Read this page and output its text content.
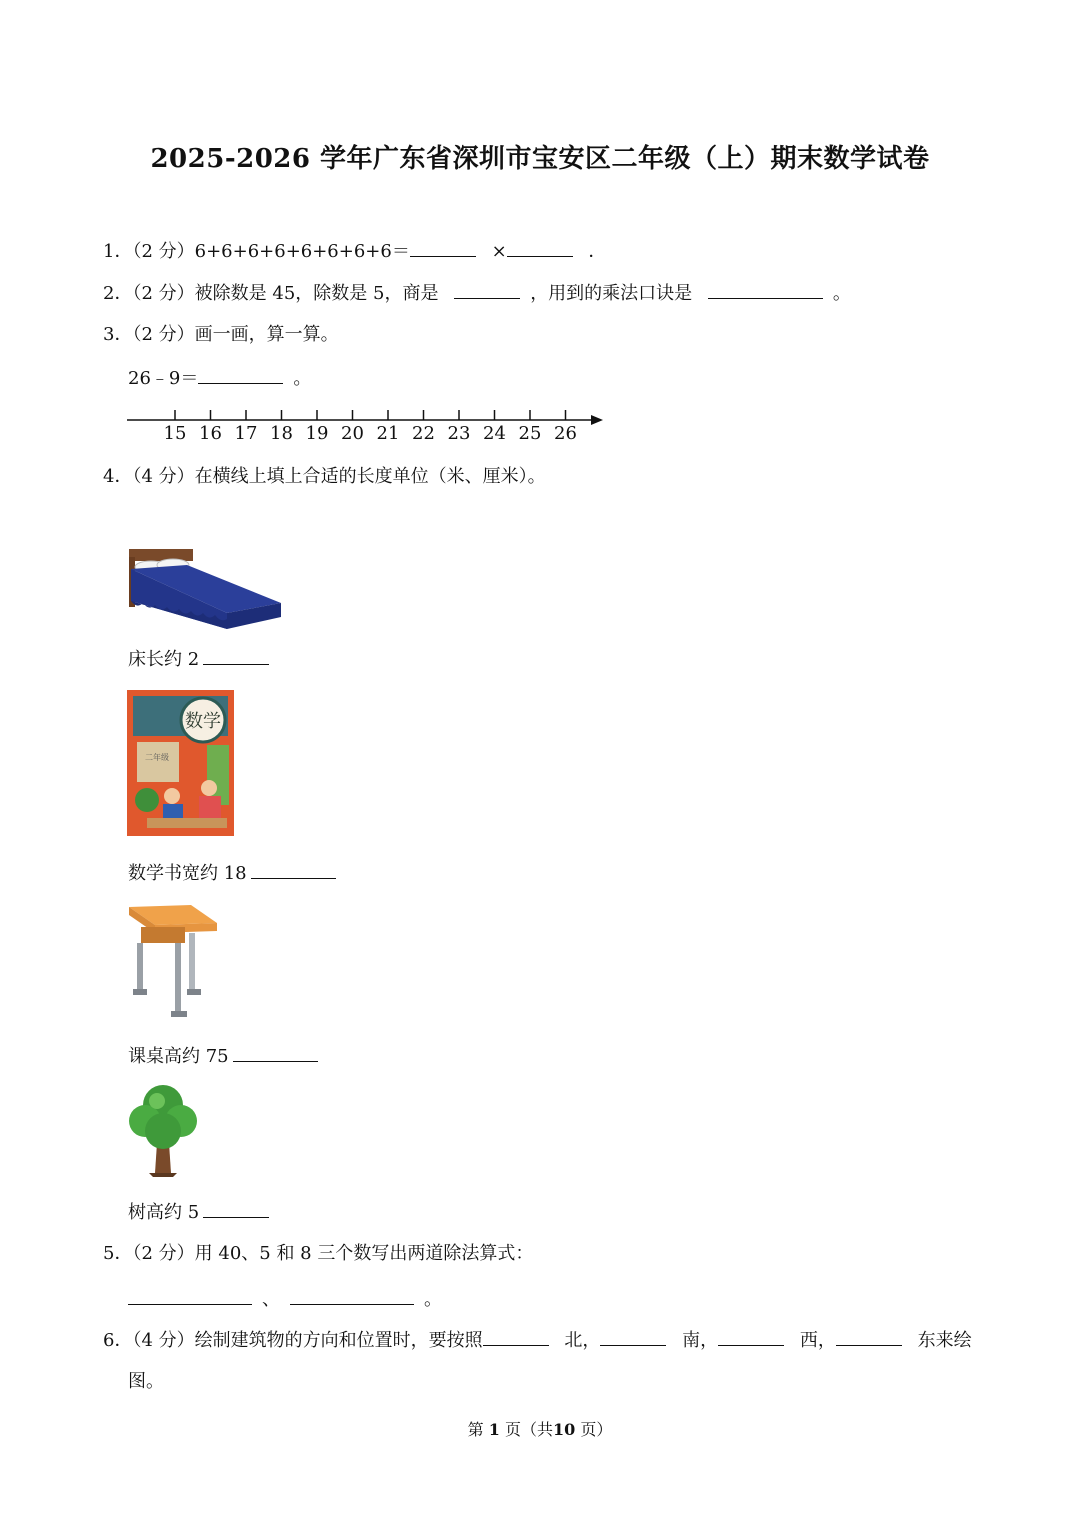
2025-2026 学年广东省深圳市宝安区二年级（上）期末数学试卷
1．（2 分）6+6+6+6+6+6+6+6＝	×	．
2．（2 分）被除数是 45，除数是 5，商是	，用到的乘法口诀是	。
3．（2 分）画一画，算一算。
26﹣9＝	。
15 16 17 18 19 20 21 22 23 24 25 26
4．（4 分）在横线上填上合适的长度单位（米、厘米）。
床长约 2
数学
二年级
数学书宽约 18
课桌高约 75
树高约 5
5．（2 分）用 40、5 和 8 三个数写出两道除法算式：
、	。
6．（4 分）绘制建筑物的方向和位置时，要按照	北，	南，	西，	东来绘
图。
第 1 页（共10 页）
